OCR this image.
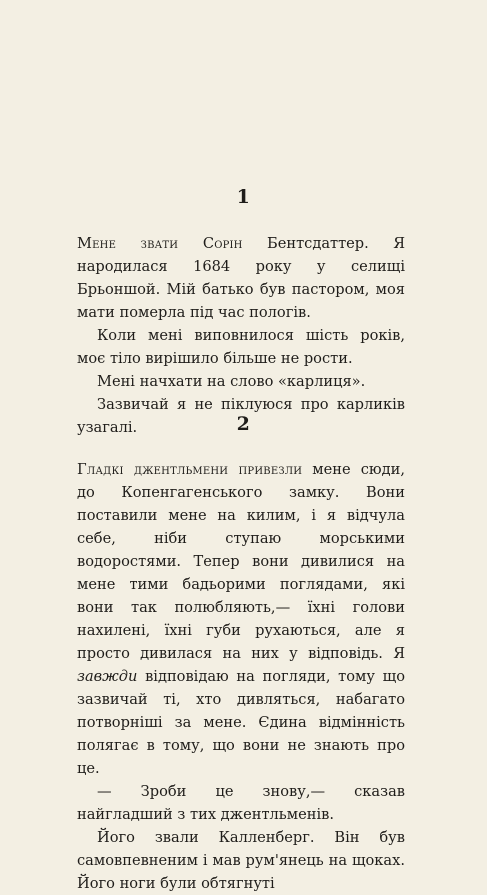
1

Мене звати Сорін Бентсдаттер. Я народилася 1684 року у селищі Брьоншой. Мій батько був пастором, моя мати померла під час пологів.

Коли мені виповнилося шість років, моє тіло вирішило більше не рости.

Мені начхати на слово «карлиця».

Зазвичай я не піклуюся про карликів узагалі.	2

Гладкі джентльмени привезли мене сюди, до Копенгагенського замку. Вони поставили мене на килим, і я відчула себе, ніби ступаю морськими водоростями. Тепер вони дивилися на мене тими бадьорими поглядами, які вони так полюбляють,— їхні голови нахилені, їхні губи рухаються, але я просто дивилася на них у відповідь. Я завжди відповідаю на погляди, тому що зазвичай ті, хто дивляться, набагато потворніші за мене. Єдина відмінність полягає в тому, що вони не знають про це.

— Зроби це знову,— сказав найгладший з тих джентльменів.

Його звали Калленберг. Він був самовпевненим і мав рум'янець на щоках. Його ноги були обтягнуті
